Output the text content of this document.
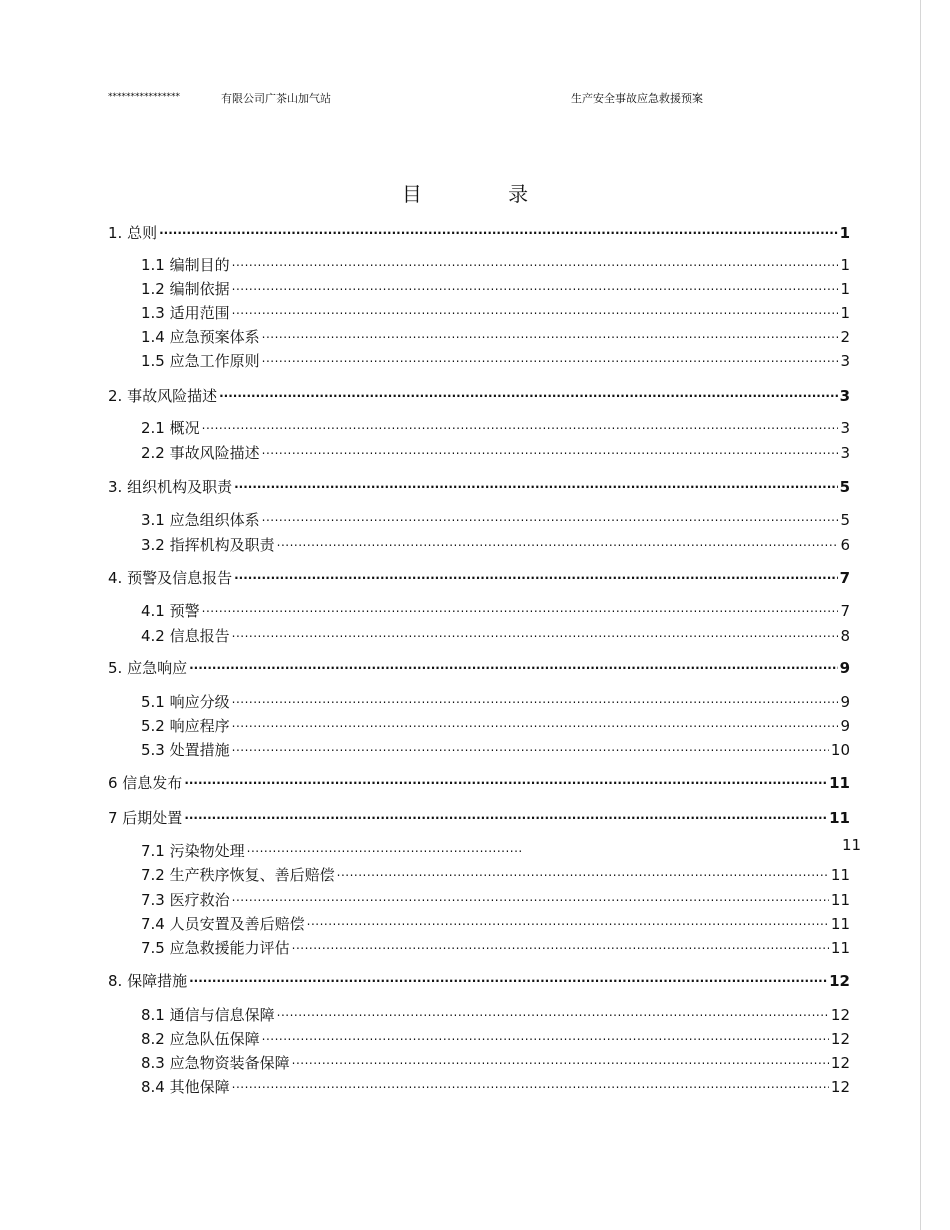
****************	有限公司广茶山加气站	生产安全事故应急救援预案
目 录
1. 总则 .....	1
1.1 编制目的 .....	1
1.2 编制依据 .....	1
1.3 适用范围 .....	1
1.4 应急预案体系 .....	2
1.5 应急工作原则 .....	3
2. 事故风险描述 .....	3
2.1 概况 .....	3
2.2 事故风险描述 .....	3
3. 组织机构及职责 .....	5
3.1 应急组织体系 .....	5
3.2 指挥机构及职责 .....	6
4. 预警及信息报告 .....	7
4.1 预警 .....	7
4.2 信息报告 .....	8
5. 应急响应 .....	9
5.1 响应分级 .....	9
5.2 响应程序 .....	9
5.3 处置措施 .....	10
6 信息发布 .....	11
7 后期处置 .....	11
7.1 污染物处理 .....	11
7.2 生产秩序恢复、善后赔偿 .....	11
7.3 医疗救治 .....	11
7.4 人员安置及善后赔偿 .....	11
7.5 应急救援能力评估 .....	11
8. 保障措施 .....	12
8.1 通信与信息保障 .....	12
8.2 应急队伍保障 .....	12
8.3 应急物资装备保障 .....	12
8.4 其他保障 .....	12
